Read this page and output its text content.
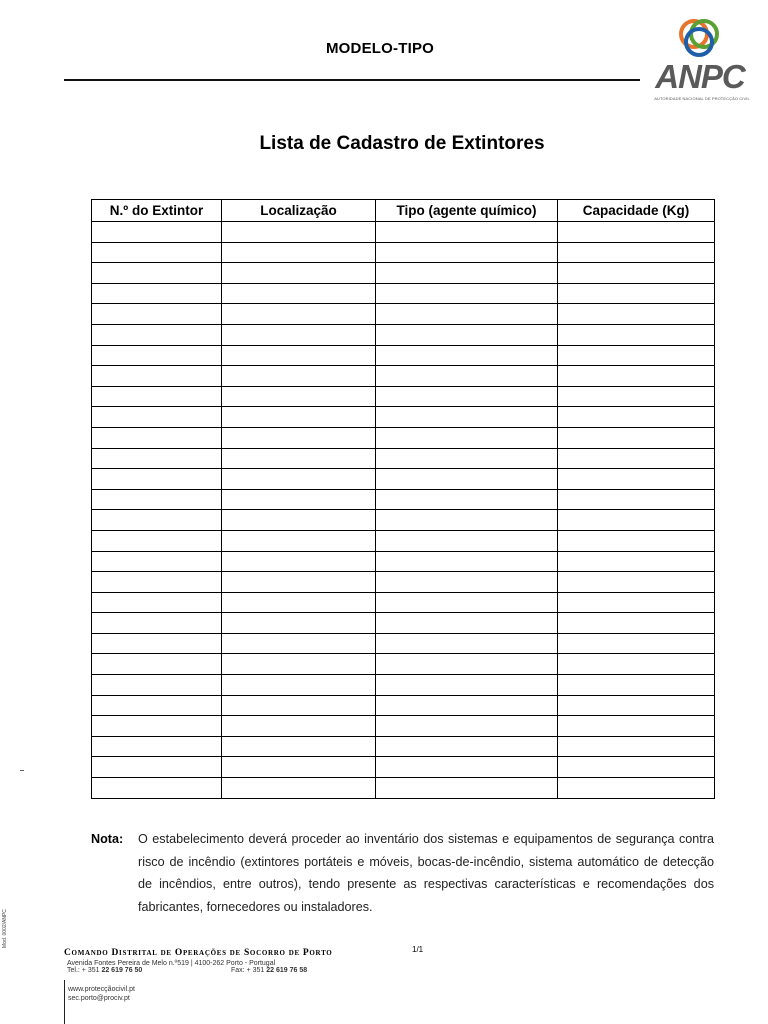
MODELO-TIPO
ANPC
AUTORIDADE NACIONAL DE PROTECÇÃO CIVIL
Lista de Cadastro de Extintores
N.º do Extintor	Localização	Tipo (agente químico)	Capacidade (Kg)

Nota: O estabelecimento deverá proceder ao inventário dos sistemas e equipamentos de segurança contra risco de incêndio (extintores portáteis e móveis, bocas-de-incêndio, sistema automático de detecção de incêndios, entre outros), tendo presente as respectivas características e recomendações dos fabricantes, fornecedores ou instaladores.
Mod. 0002/ANPC
1/1
Comando Distrital de Operações de Socorro de Porto
Avenida Fontes Pereira de Melo n.º519 | 4100-262 Porto - Portugal
Tel.: + 351 22 619 76 50	Fax: + 351 22 619 76 58
www.protecçãocivil.pt
sec.porto@prociv.pt
